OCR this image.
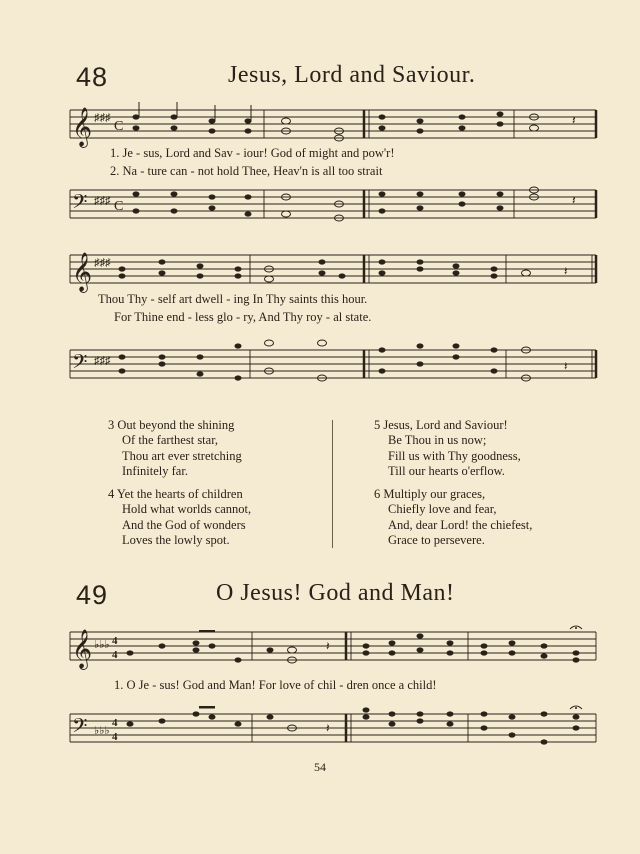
48	Jesus, Lord and Saviour.
𝄞 ♯♯♯
C	𝄽
1. Je - sus, Lord and Sav - iour! God of might and pow'r!
2. Na - ture can - not hold Thee, Heav'n is all too strait
𝄢 ♯♯♯ C	𝄽
𝄞 ♯♯♯
𝄽
Thou Thy - self art dwell - ing In Thy saints this hour.
For Thine end - less glo - ry, And Thy roy - al state.
𝄢 ♯♯♯	𝄽
3 Out beyond the shining
Of the farthest star,
Thou art ever stretching
Infinitely far.
4 Yet the hearts of children
Hold what worlds cannot,
And the God of wonders
Loves the lowly spot.
5 Jesus, Lord and Saviour!
Be Thou in us now;
Fill us with Thy goodness,
Till our hearts o'erflow.
6 Multiply our graces,
Chiefly love and fear,
And, dear Lord! the chiefest,
Grace to persevere.
49	O Jesus! God and Man!
𝄞 ♭♭♭ 4
4
𝄽
1. O Je - sus! God and Man! For love of chil - dren once a child!
𝄢 ♭♭♭
4
4
𝄽
54
